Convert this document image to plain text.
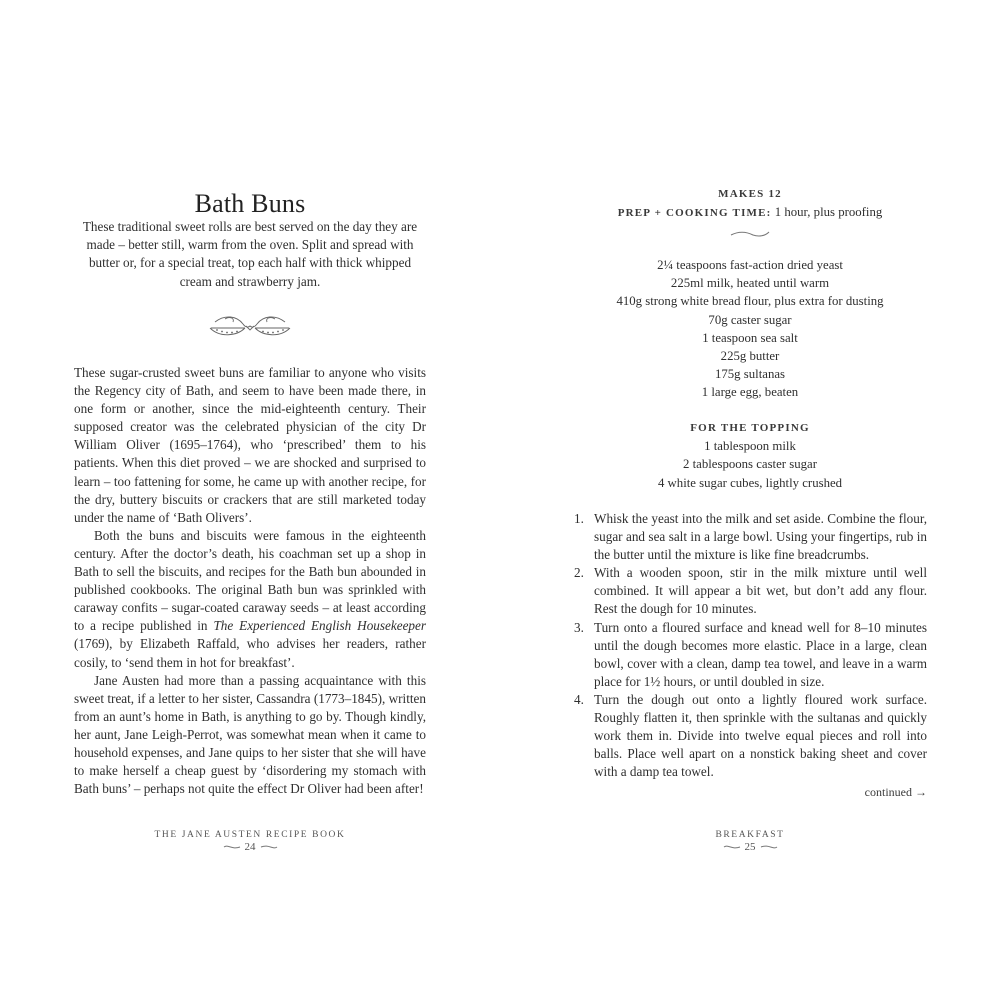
Bath Buns
These traditional sweet rolls are best served on the day they are made – better still, warm from the oven. Split and spread with butter or, for a special treat, top each half with thick whipped cream and strawberry jam.

These sugar-crusted sweet buns are familiar to anyone who visits the Regency city of Bath, and seem to have been made there, in one form or another, since the mid-eighteenth century. Their supposed creator was the celebrated physician of the city Dr William Oliver (1695–1764), who ‘prescribed’ them to his patients. When this diet proved – we are shocked and surprised to learn – too fattening for some, he came up with another recipe, for the dry, buttery biscuits or crackers that are still marketed today under the name of ‘Bath Olivers’.

Both the buns and biscuits were famous in the eighteenth century. After the doctor’s death, his coachman set up a shop in Bath to sell the biscuits, and recipes for the Bath bun abounded in published cookbooks. The original Bath bun was sprinkled with caraway confits – sugar-coated caraway seeds – at least according to a recipe published in The Experienced English Housekeeper (1769), by Elizabeth Raffald, who advises her readers, rather cosily, to ‘send them in hot for breakfast’.

Jane Austen had more than a passing acquaintance with this sweet treat, if a letter to her sister, Cassandra (1773–1845), written from an aunt’s home in Bath, is anything to go by. Though kindly, her aunt, Jane Leigh-Perrot, was somewhat mean when it came to household expenses, and Jane quips to her sister that she will have to make herself a cheap guest by ‘disordering my stomach with Bath buns’ – perhaps not quite the effect Dr Oliver had been after!

THE JANE AUSTEN RECIPE BOOK
24
MAKES 12
PREP + COOKING TIME: 1 hour, plus proofing
2¼ teaspoons fast-action dried yeast
225ml milk, heated until warm
410g strong white bread flour, plus extra for dusting
70g caster sugar
1 teaspoon sea salt
225g butter
175g sultanas
1 large egg, beaten
FOR THE TOPPING
1 tablespoon milk
2 tablespoons caster sugar
4 white sugar cubes, lightly crushed
1. Whisk the yeast into the milk and set aside. Combine the flour, sugar and sea salt in a large bowl. Using your fingertips, rub in the butter until the mixture is like fine breadcrumbs.
2. With a wooden spoon, stir in the milk mixture until well combined. It will appear a bit wet, but don’t add any flour. Rest the dough for 10 minutes.
3. Turn onto a floured surface and knead well for 8–10 minutes until the dough becomes more elastic. Place in a large, clean bowl, cover with a clean, damp tea towel, and leave in a warm place for 1½ hours, or until doubled in size.
4. Turn the dough out onto a lightly floured work surface. Roughly flatten it, then sprinkle with the sultanas and quickly work them in. Divide into twelve equal pieces and roll into balls. Place well apart on a nonstick baking sheet and cover with a damp tea towel.
continued →
BREAKFAST
25
